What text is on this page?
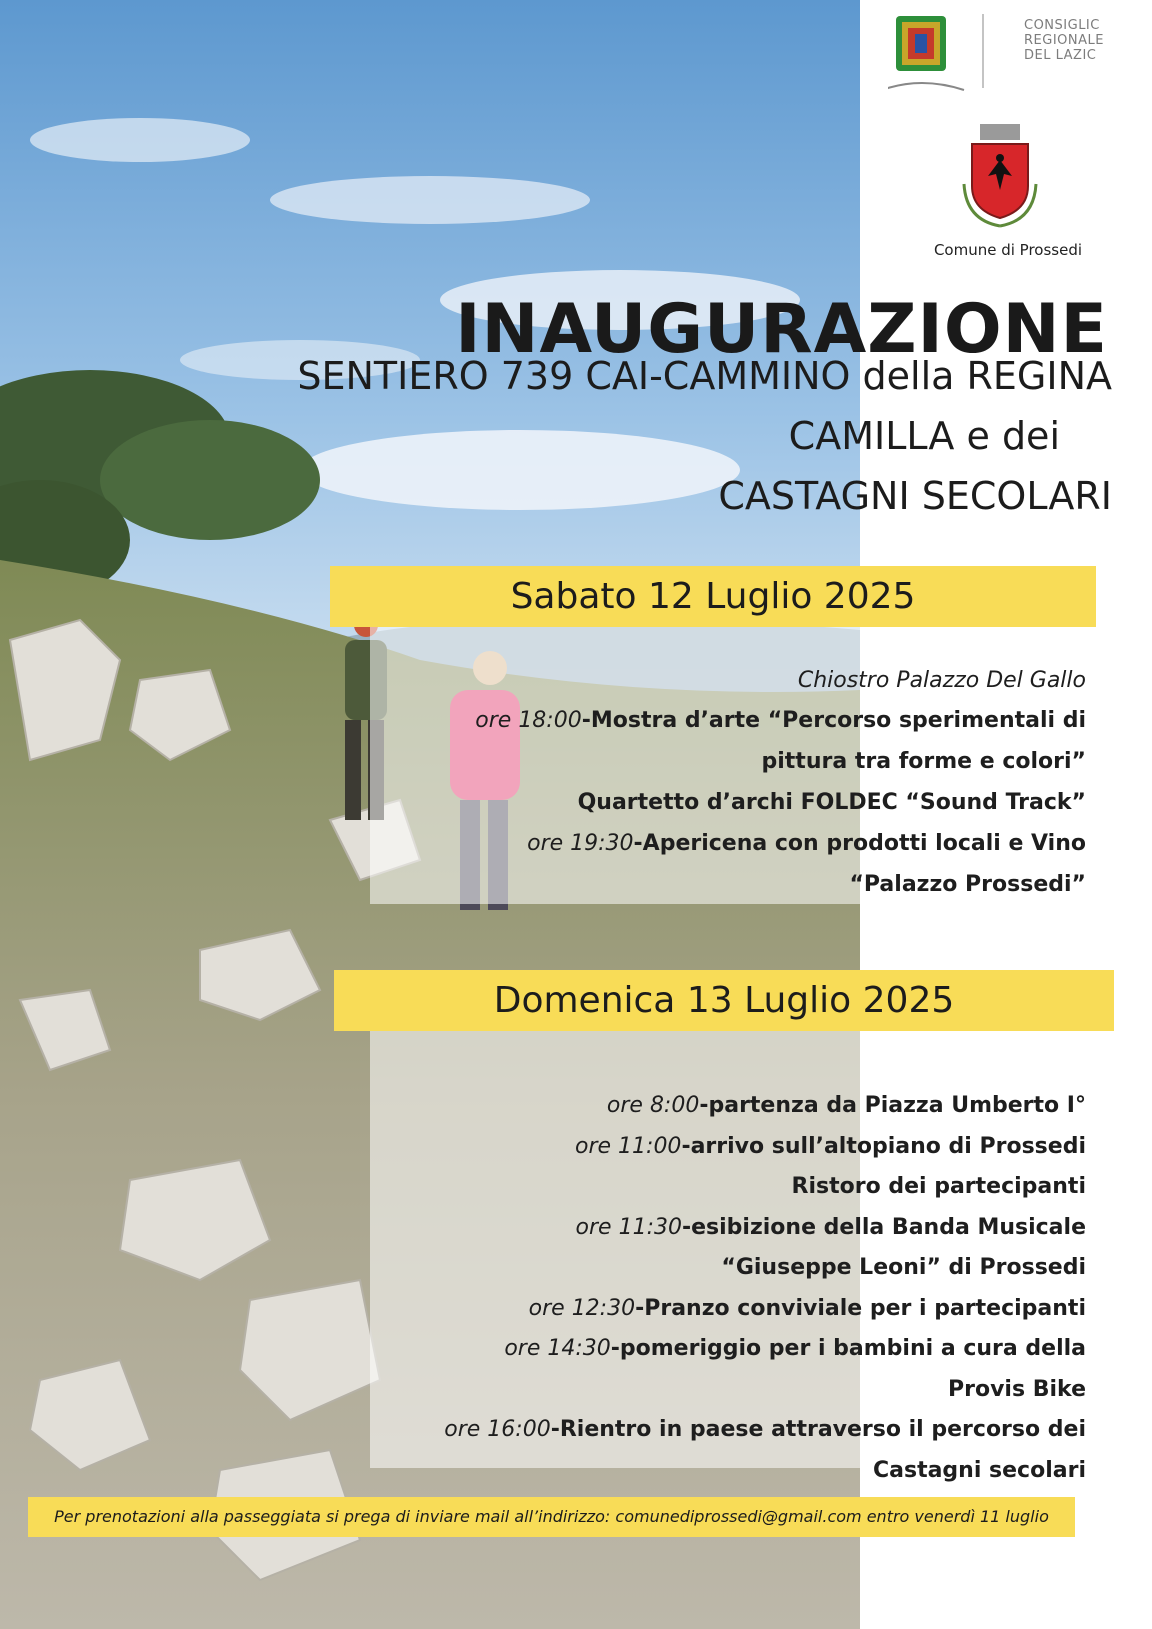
CONSIGLIC
REGIONALE
DEL LAZIC
Comune di Prossedi
INAUGURAZIONE
SENTIERO 739 CAI-CAMMINO della REGINA
CAMILLA e dei
CASTAGNI SECOLARI
Sabato 12 Luglio 2025
Chiostro Palazzo Del Gallo
ore 18:00-Mostra d’arte “Percorso sperimentali di
pittura tra forme e colori”
Quartetto d’archi FOLDEC “Sound Track”
ore 19:30-Apericena con prodotti locali e Vino
“Palazzo Prossedi”
Domenica 13 Luglio 2025
ore 8:00-partenza da Piazza Umberto I°
ore 11:00-arrivo sull’altopiano di Prossedi
Ristoro dei partecipanti
ore 11:30-esibizione della Banda Musicale
“Giuseppe Leoni” di Prossedi
ore 12:30-Pranzo conviviale per i partecipanti
ore 14:30-pomeriggio per i bambini a cura della
Provis Bike
ore 16:00-Rientro in paese attraverso il percorso dei
Castagni secolari
Per prenotazioni alla passeggiata si prega di inviare mail all’indirizzo: comunediprossedi@gmail.com entro venerdì 11 luglio
